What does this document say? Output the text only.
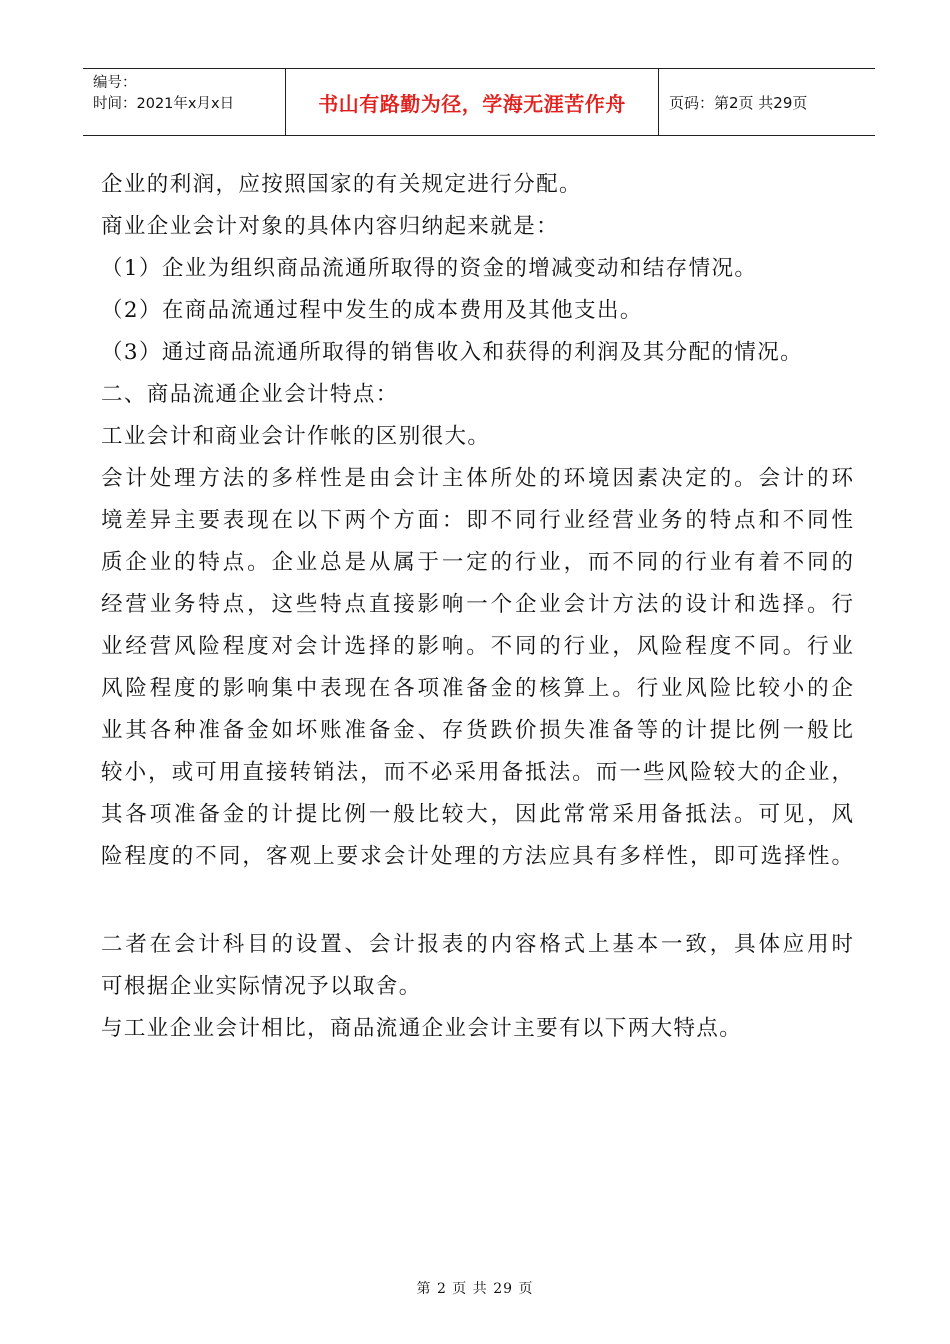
编号：
时间：2021年x月x日	书山有路勤为径，学海无涯苦作舟	页码：第2页 共29页
企业的利润，应按照国家的有关规定进行分配。
商业企业会计对象的具体内容归纳起来就是：
（1）企业为组织商品流通所取得的资金的增减变动和结存情况。
（2）在商品流通过程中发生的成本费用及其他支出。
（3）通过商品流通所取得的销售收入和获得的利润及其分配的情况。
二、商品流通企业会计特点：
工业会计和商业会计作帐的区别很大。
会计处理方法的多样性是由会计主体所处的环境因素决定的。会计的环
境差异主要表现在以下两个方面：即不同行业经营业务的特点和不同性
质企业的特点。企业总是从属于一定的行业，而不同的行业有着不同的
经营业务特点，这些特点直接影响一个企业会计方法的设计和选择。行
业经营风险程度对会计选择的影响。不同的行业，风险程度不同。行业
风险程度的影响集中表现在各项准备金的核算上。行业风险比较小的企
业其各种准备金如坏账准备金、存货跌价损失准备等的计提比例一般比
较小，或可用直接转销法，而不必采用备抵法。而一些风险较大的企业，
其各项准备金的计提比例一般比较大，因此常常采用备抵法。可见，风
险程度的不同，客观上要求会计处理的方法应具有多样性，即可选择性。
二者在会计科目的设置、会计报表的内容格式上基本一致，具体应用时
可根据企业实际情况予以取舍。
与工业企业会计相比，商品流通企业会计主要有以下两大特点。
第 2 页 共 29 页
